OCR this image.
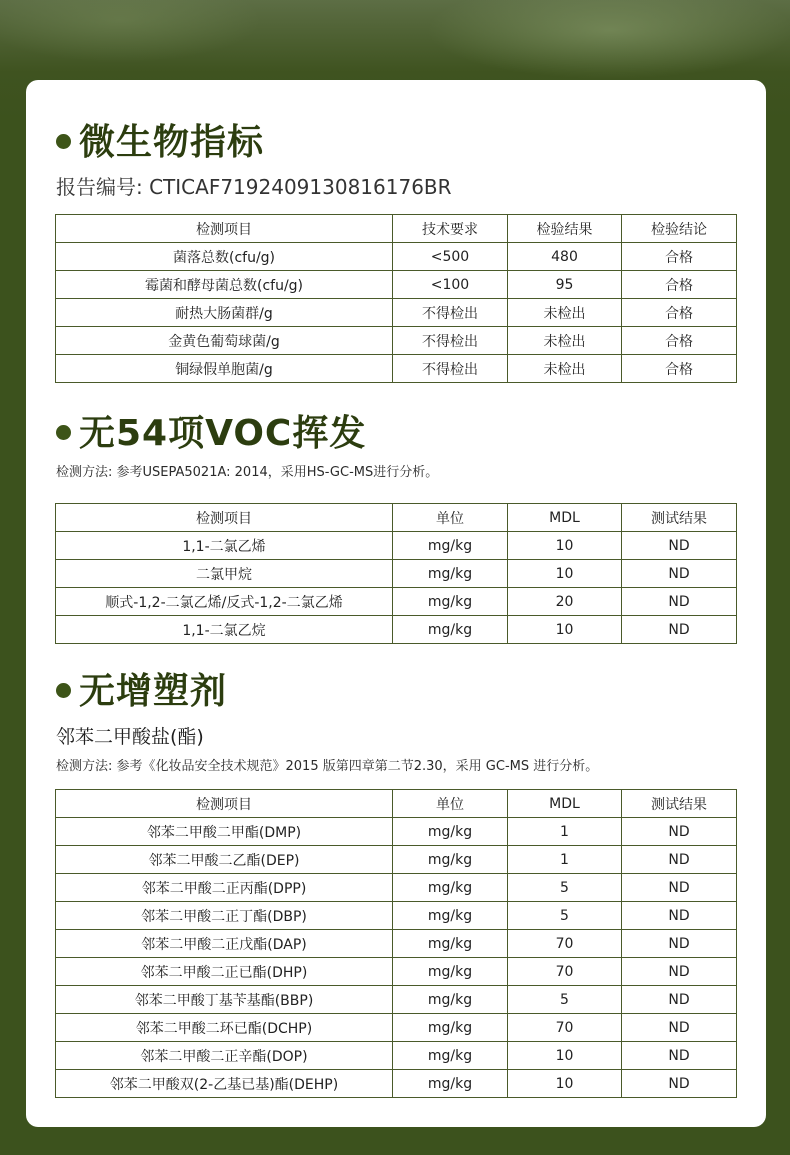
微生物指标
报告编号: CTICAF7192409130816176BR
检测项目	技术要求	检验结果	检验结论
菌落总数(cfu/g)	<500	480	合格
霉菌和酵母菌总数(cfu/g)	<100	95	合格
耐热大肠菌群/g	不得检出	未检出	合格
金黄色葡萄球菌/g	不得检出	未检出	合格
铜绿假单胞菌/g	不得检出	未检出	合格
无54项VOC挥发
检测方法: 参考USEPA5021A: 2014，采用HS-GC-MS进行分析。
检测项目	单位	MDL	测试结果
1,1-二氯乙烯	mg/kg	10	ND
二氯甲烷	mg/kg	10	ND
顺式-1,2-二氯乙烯/反式-1,2-二氯乙烯	mg/kg	20	ND
1,1-二氯乙烷	mg/kg	10	ND
无增塑剂
邻苯二甲酸盐(酯)
检测方法: 参考《化妆品安全技术规范》2015 版第四章第二节2.30，采用 GC-MS 进行分析。
检测项目	单位	MDL	测试结果
邻苯二甲酸二甲酯(DMP)	mg/kg	1	ND
邻苯二甲酸二乙酯(DEP)	mg/kg	1	ND
邻苯二甲酸二正丙酯(DPP)	mg/kg	5	ND
邻苯二甲酸二正丁酯(DBP)	mg/kg	5	ND
邻苯二甲酸二正戊酯(DAP)	mg/kg	70	ND
邻苯二甲酸二正已酯(DHP)	mg/kg	70	ND
邻苯二甲酸丁基苄基酯(BBP)	mg/kg	5	ND
邻苯二甲酸二环已酯(DCHP)	mg/kg	70	ND
邻苯二甲酸二正辛酯(DOP)	mg/kg	10	ND
邻苯二甲酸双(2-乙基已基)酯(DEHP)	mg/kg	10	ND
